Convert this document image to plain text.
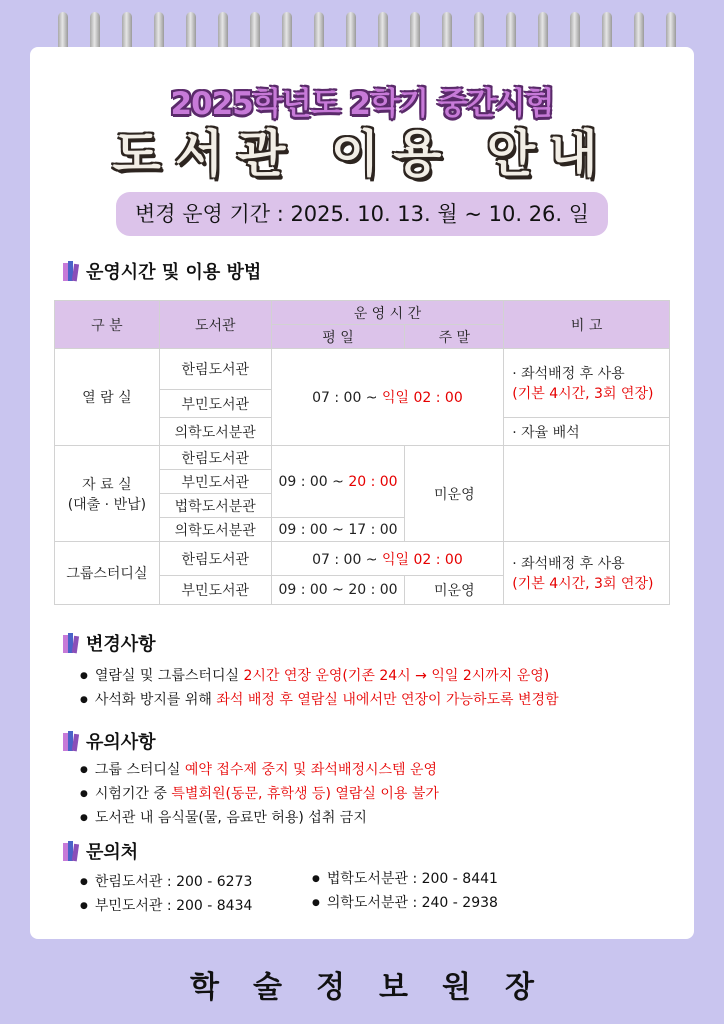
2025학년도 2학기 중간시험
도서관 이용 안내
변경 운영 기간 : 2025. 10. 13. 월 ~ 10. 26. 일
운영시간 및 이용 방법
구 분	도서관	운 영 시 간		비 고
		평 일	주 말	
열 람 실	한림도서관	07 : 00 ~ 익일 02 : 00		· 좌석배정 후 사용
(기본 4시간, 3회 연장)

	부민도서관			
	의학도서분관			· 자율 배석

자 료 실
(대출 · 반납)	한림도서관	09 : 00 ~ 20 : 00	미운영	
	부민도서관			
	법학도서분관			
	의학도서분관	09 : 00 ~ 17 : 00		
그룹스터디실	한림도서관	07 : 00 ~ 익일 02 : 00		· 좌석배정 후 사용
(기본 4시간, 3회 연장)

	부민도서관	09 : 00 ~ 20 : 00	미운영	
변경사항
● 열람실 및 그룹스터디실 2시간 연장 운영(기존 24시 → 익일 2시까지 운영)
● 사석화 방지를 위해 좌석 배정 후 열람실 내에서만 연장이 가능하도록 변경함
유의사항
● 그룹 스터디실 예약 접수제 중지 및 좌석배정시스템 운영
● 시험기간 중 특별회원(동문, 휴학생 등) 열람실 이용 불가
● 도서관 내 음식물(물, 음료만 허용) 섭취 금지
문의처
● 한림도서관 : 200 - 6273
● 부민도서관 : 200 - 8434
● 법학도서분관 : 200 - 8441
● 의학도서분관 : 240 - 2938
학술정보원장
